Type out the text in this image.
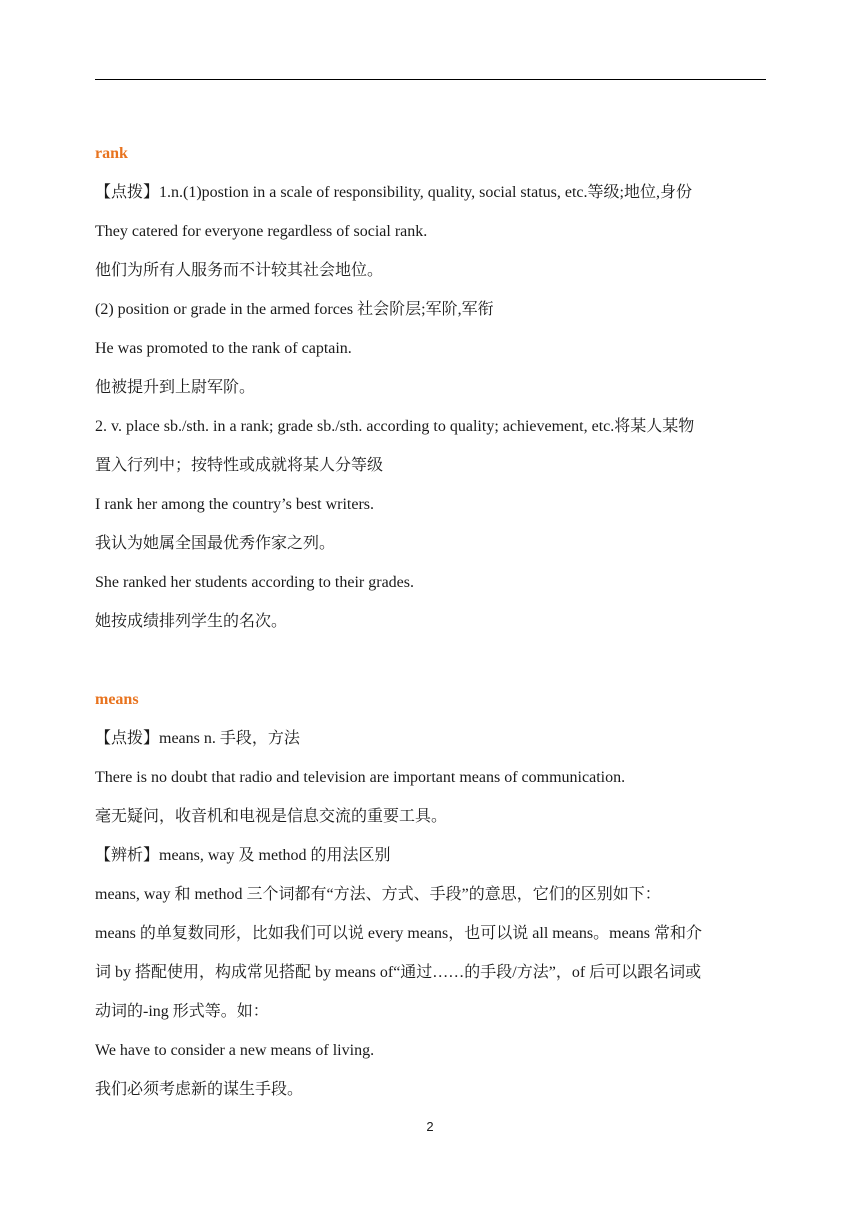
rank
【点拨】1.n.(1)postion in a scale of responsibility, quality, social status, etc.等级;地位,身份
They catered for everyone regardless of social rank.
他们为所有人服务而不计较其社会地位。
(2) position or grade in the armed forces 社会阶层;军阶,军衔
He was promoted to the rank of captain.
他被提升到上尉军阶。
2. v. place sb./sth. in a rank; grade sb./sth. according to quality; achievement, etc.将某人某物
置入行列中；按特性或成就将某人分等级
I rank her among the country’s best writers.
我认为她属全国最优秀作家之列。
She ranked her students according to their grades.
她按成绩排列学生的名次。
means
【点拨】means n. 手段，方法
There is no doubt that radio and television are important means of communication.
毫无疑问，收音机和电视是信息交流的重要工具。
【辨析】means, way 及 method 的用法区别
means, way 和 method 三个词都有“方法、方式、手段”的意思，它们的区别如下：
means 的单复数同形，比如我们可以说 every means，也可以说 all means。means 常和介
词 by 搭配使用，构成常见搭配 by means of“通过……的手段/方法”，of 后可以跟名词或
动词的-ing 形式等。如：
We have to consider a new means of living.
我们必须考虑新的谋生手段。
2
